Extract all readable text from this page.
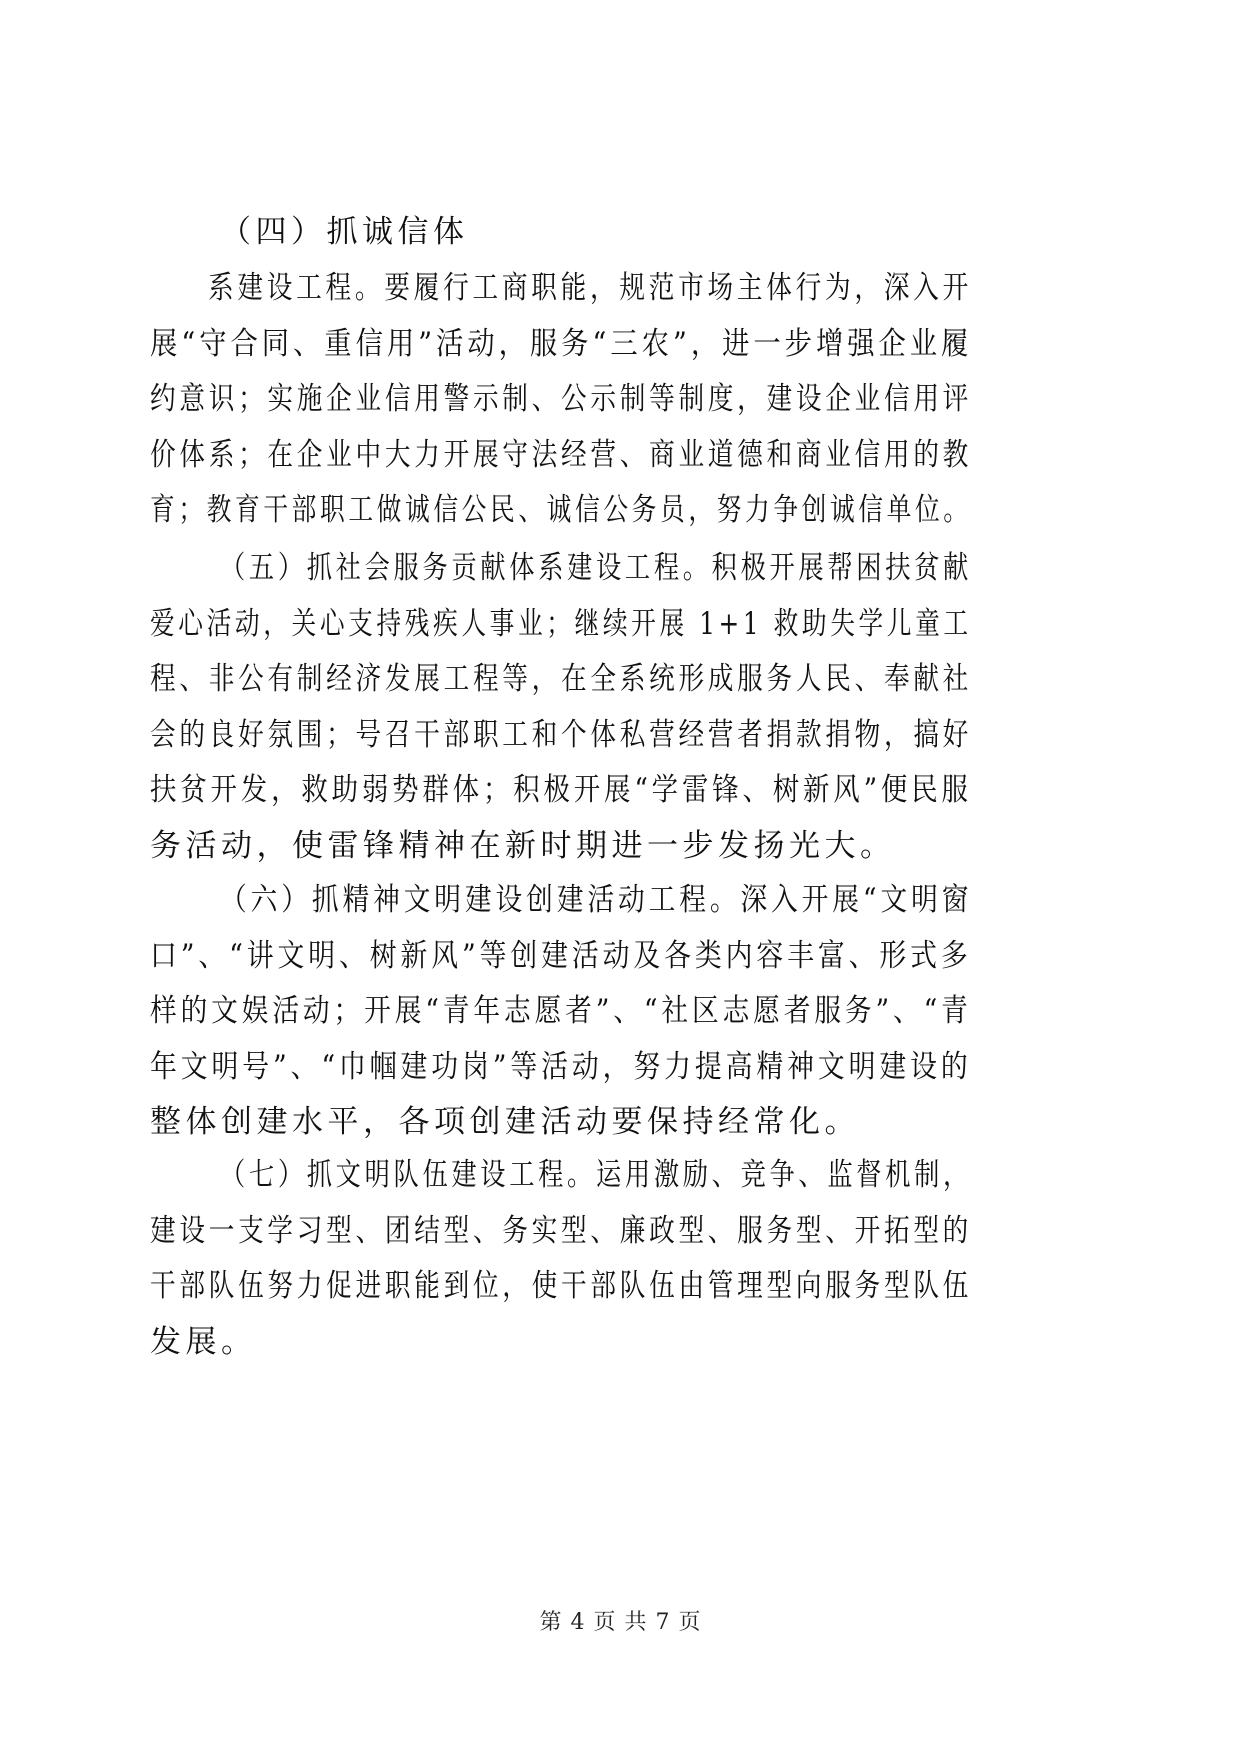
（四）抓诚信体
系建设工程。要履行工商职能，规范市场主体行为，深入开
展“守合同、重信用”活动，服务“三农”，进一步增强企业履
约意识；实施企业信用警示制、公示制等制度，建设企业信用评
价体系；在企业中大力开展守法经营、商业道德和商业信用的教
育；教育干部职工做诚信公民、诚信公务员，努力争创诚信单位。
（五）抓社会服务贡献体系建设工程。积极开展帮困扶贫献
爱心活动，关心支持残疾人事业；继续开展 1+1 救助失学儿童工
程、非公有制经济发展工程等，在全系统形成服务人民、奉献社
会的良好氛围；号召干部职工和个体私营经营者捐款捐物，搞好
扶贫开发，救助弱势群体；积极开展“学雷锋、树新风”便民服
务活动，使雷锋精神在新时期进一步发扬光大。
（六）抓精神文明建设创建活动工程。深入开展“文明窗
口”、“讲文明、树新风”等创建活动及各类内容丰富、形式多
样的文娱活动；开展“青年志愿者”、“社区志愿者服务”、“青
年文明号”、“巾帼建功岗”等活动，努力提高精神文明建设的
整体创建水平，各项创建活动要保持经常化。
（七）抓文明队伍建设工程。运用激励、竞争、监督机制，
建设一支学习型、团结型、务实型、廉政型、服务型、开拓型的
干部队伍努力促进职能到位，使干部队伍由管理型向服务型队伍
发展。
第 4 页 共 7 页
